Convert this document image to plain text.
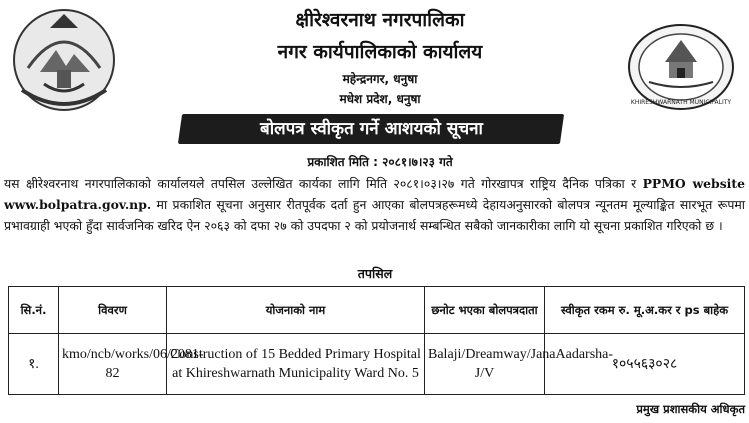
KHIRESHWARNATH MUNICIPALITY
क्षीरेश्वरनाथ नगरपालिका
नगर कार्यपालिकाको कार्यालय
महेन्द्रनगर, धनुषा
मधेश प्रदेश, धनुषा
बोलपत्र स्वीकृत गर्ने आशयको सूचना
प्रकाशित मिति : २०८१।७।२३ गते
यस क्षीरेश्वरनाथ नगरपालिकाको कार्यालयले तपसिल उल्लेखित कार्यका लागि मिति २०८१।०३।२७ गते गोरखापत्र राष्ट्रिय दैनिक पत्रिका र PPMO website www.bolpatra.gov.np. मा प्रकाशित सूचना अनुसार रीतपूर्वक दर्ता हुन आएका बोलपत्रहरूमध्ये देहायअनुसारको बोलपत्र न्यूनतम मूल्याङ्कित सारभूत रूपमा प्रभावग्राही भएको हुँदा सार्वजनिक खरिद ऐन २०६३ को दफा २७ को उपदफा २ को प्रयोजनार्थ सम्बन्धित सबैको जानकारीका लागि यो सूचना प्रकाशित गरिएको छ ।
तपसिल
सि.नं.	विवरण	योजनाको नाम	छनोट भएका बोलपत्रदाता	स्वीकृत रकम रु. मू.अ.कर र ps बाहेक
१.	kmo/ncb/works/06/2081-82	Construction of 15 Bedded Primary Hospital at Khireshwarnath Municipality Ward No. 5	Balaji/Dreamway/JanaAadarsha-J/V	१०५५६३०२८
प्रमुख प्रशासकीय अधिकृत
